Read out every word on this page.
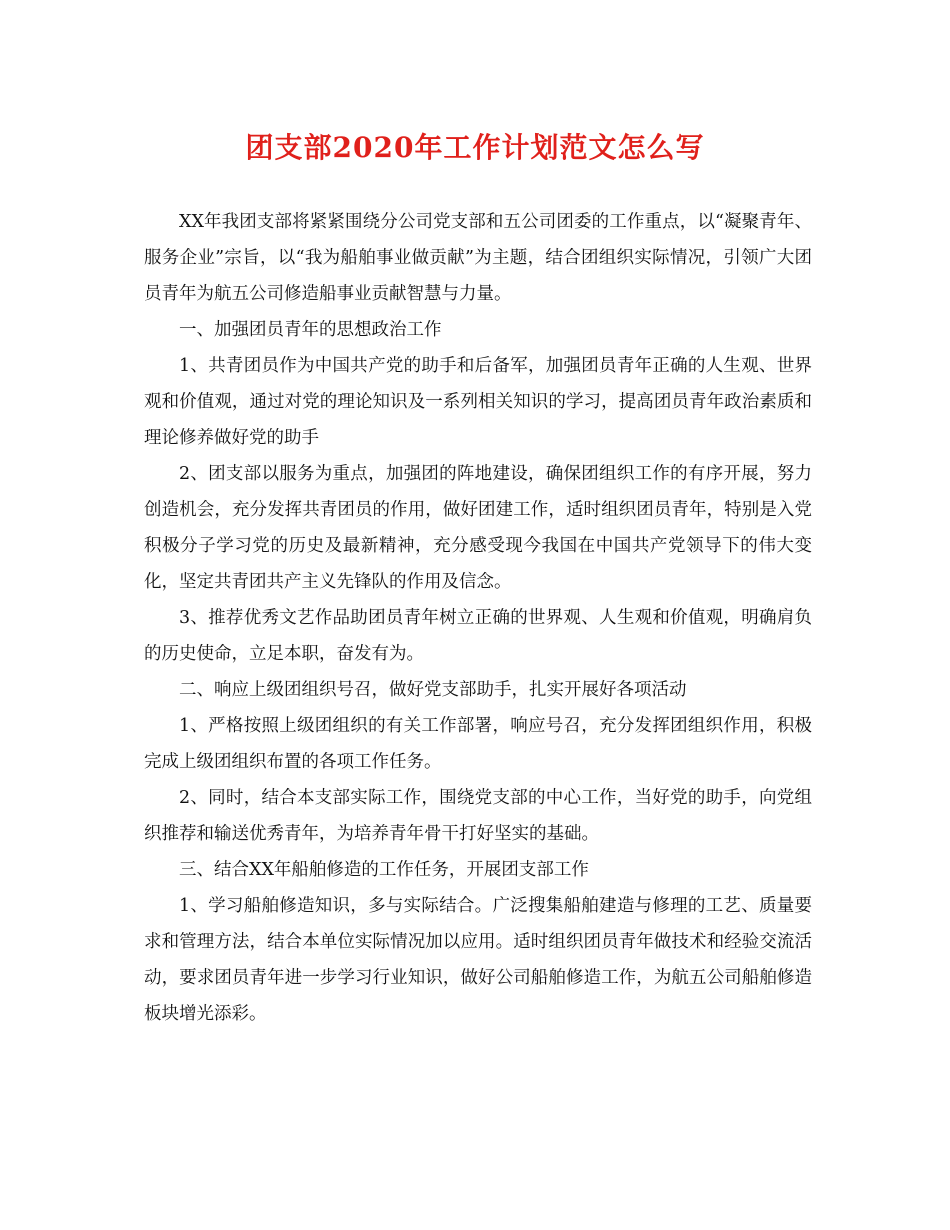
团支部2020年工作计划范文怎么写

XX年我团支部将紧紧围绕分公司党支部和五公司团委的工作重点，以“凝聚青年、服务企业”宗旨，以“我为船舶事业做贡献”为主题，结合团组织实际情况，引领广大团员青年为航五公司修造船事业贡献智慧与力量。

一、加强团员青年的思想政治工作

1、共青团员作为中国共产党的助手和后备军，加强团员青年正确的人生观、世界观和价值观，通过对党的理论知识及一系列相关知识的学习，提高团员青年政治素质和理论修养做好党的助手

2、团支部以服务为重点，加强团的阵地建设，确保团组织工作的有序开展，努力创造机会，充分发挥共青团员的作用，做好团建工作，适时组织团员青年，特别是入党积极分子学习党的历史及最新精神，充分感受现今我国在中国共产党领导下的伟大变化，坚定共青团共产主义先锋队的作用及信念。

3、推荐优秀文艺作品助团员青年树立正确的世界观、人生观和价值观，明确肩负的历史使命，立足本职，奋发有为。

二、响应上级团组织号召，做好党支部助手，扎实开展好各项活动

1、严格按照上级团组织的有关工作部署，响应号召，充分发挥团组织作用，积极完成上级团组织布置的各项工作任务。

2、同时，结合本支部实际工作，围绕党支部的中心工作，当好党的助手，向党组织推荐和输送优秀青年，为培养青年骨干打好坚实的基础。

三、结合XX年船舶修造的工作任务，开展团支部工作

1、学习船舶修造知识，多与实际结合。广泛搜集船舶建造与修理的工艺、质量要求和管理方法，结合本单位实际情况加以应用。适时组织团员青年做技术和经验交流活动，要求团员青年进一步学习行业知识，做好公司船舶修造工作，为航五公司船舶修造板块增光添彩。
